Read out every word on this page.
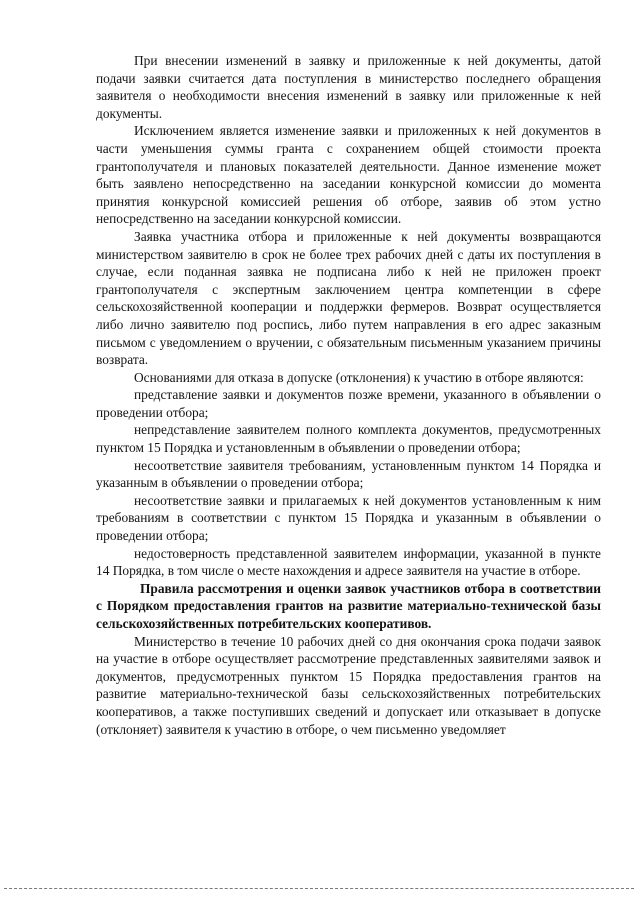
При внесении изменений в заявку и приложенные к ней документы, датой подачи заявки считается дата поступления в министерство последнего обращения заявителя о необходимости внесения изменений в заявку или приложенные к ней документы.

Исключением является изменение заявки и приложенных к ней документов в части уменьшения суммы гранта с сохранением общей стоимости проекта грантополучателя и плановых показателей деятельности. Данное изменение может быть заявлено непосредственно на заседании конкурсной комиссии до момента принятия конкурсной комиссией решения об отборе, заявив об этом устно непосредственно на заседании конкурсной комиссии.

Заявка участника отбора и приложенные к ней документы возвращаются министерством заявителю в срок не более трех рабочих дней с даты их поступления в случае, если поданная заявка не подписана либо к ней не приложен проект грантополучателя с экспертным заключением центра компетенции в сфере сельскохозяйственной кооперации и поддержки фермеров. Возврат осуществляется либо лично заявителю под роспись, либо путем направления в его адрес заказным письмом с уведомлением о вручении, с обязательным письменным указанием причины возврата.

Основаниями для отказа в допуске (отклонения) к участию в отборе являются:

представление заявки и документов позже времени, указанного в объявлении о проведении отбора;

непредставление заявителем полного комплекта документов, предусмотренных пунктом 15 Порядка и установленным в объявлении о проведении отбора;

несоответствие заявителя требованиям, установленным пунктом 14 Порядка и указанным в объявлении о проведении отбора;

несоответствие заявки и прилагаемых к ней документов установленным к ним требованиям в соответствии с пунктом 15 Порядка и указанным в объявлении о проведении отбора;

недостоверность представленной заявителем информации, указанной в пункте 14 Порядка, в том числе о месте нахождения и адресе заявителя на участие в отборе.

Правила рассмотрения и оценки заявок участников отбора в соответствии с Порядком предоставления грантов на развитие материально-технической базы сельскохозяйственных потребительских кооперативов.

Министерство в течение 10 рабочих дней со дня окончания срока подачи заявок на участие в отборе осуществляет рассмотрение представленных заявителями заявок и документов, предусмотренных пунктом 15 Порядка предоставления грантов на развитие материально-технической базы сельскохозяйственных потребительских кооперативов, а также поступивших сведений и допускает или отказывает в допуске (отклоняет) заявителя к участию в отборе, о чем письменно уведомляет
